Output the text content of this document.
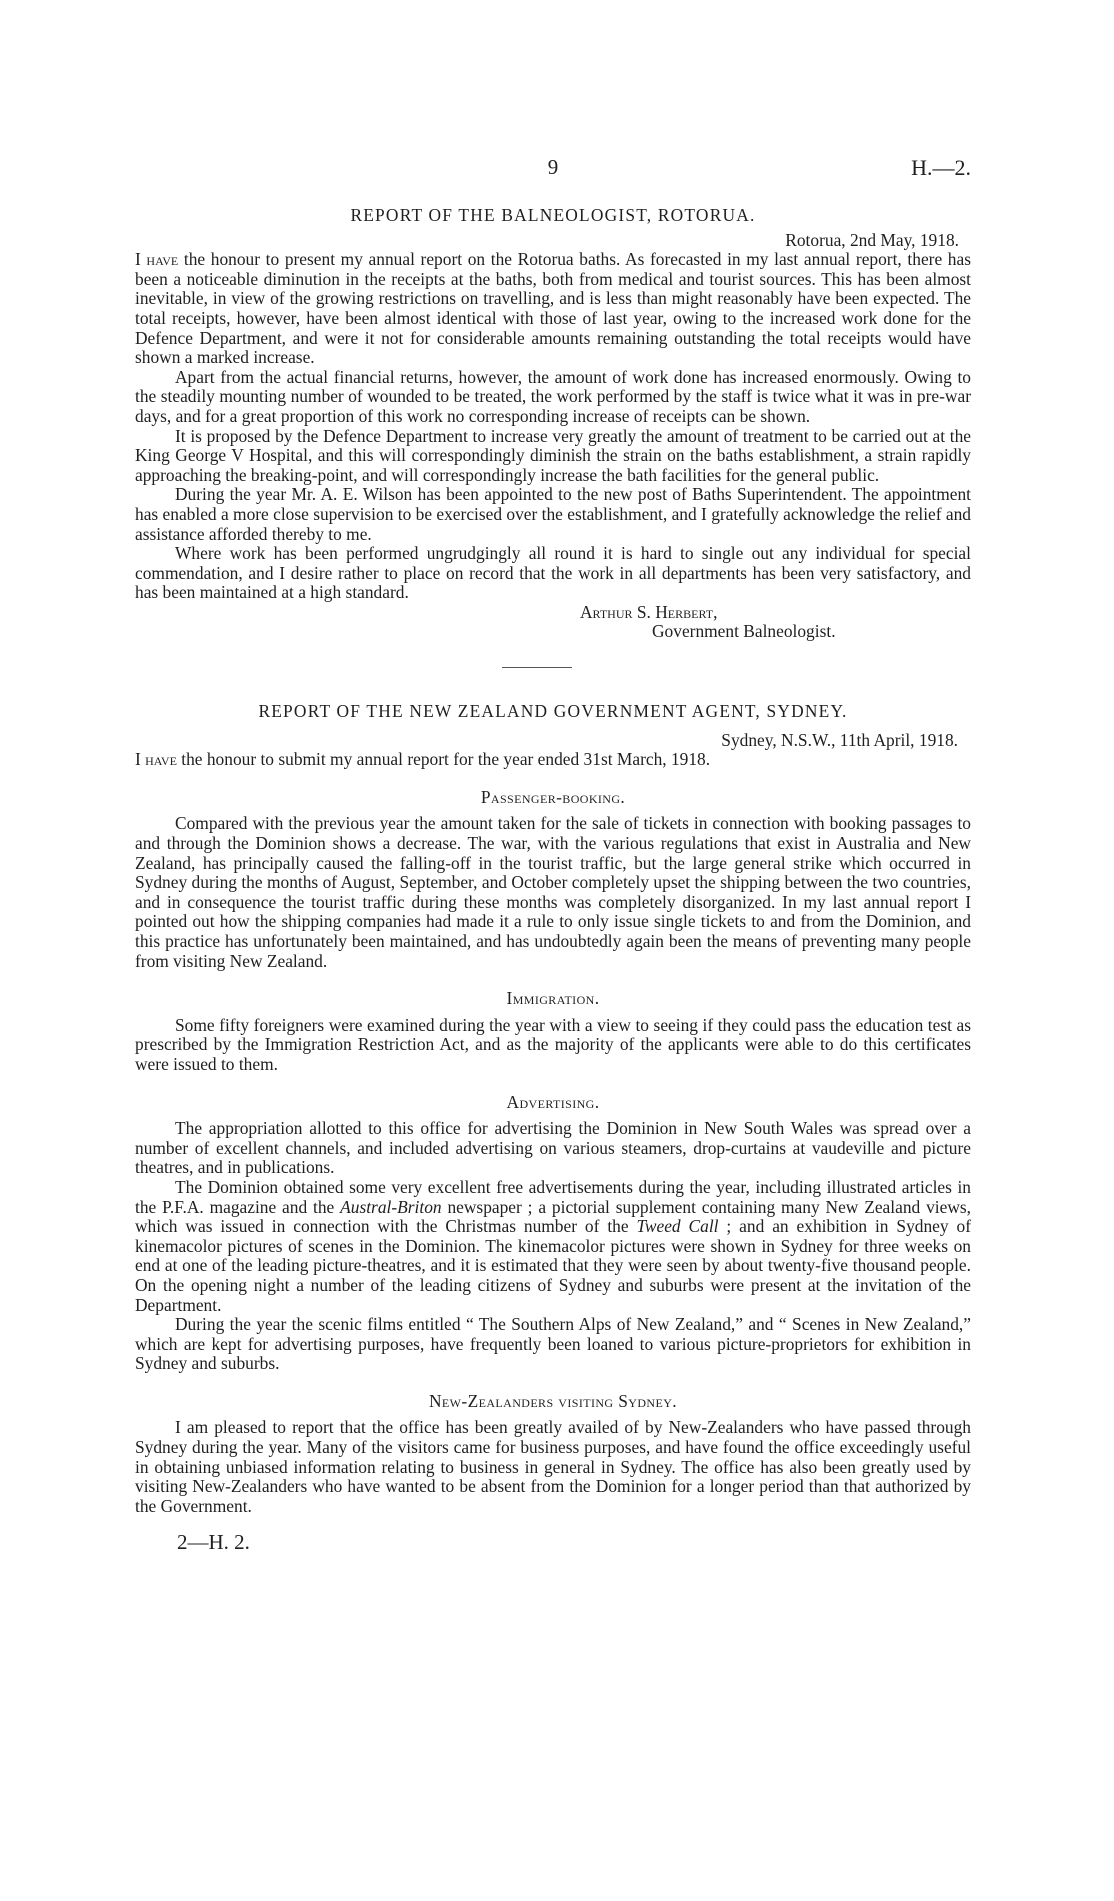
9	H.—2.
REPORT OF THE BALNEOLOGIST, ROTORUA.
Rotorua, 2nd May, 1918.

I have the honour to present my annual report on the Rotorua baths. As forecasted in my last annual report, there has been a noticeable diminution in the receipts at the baths, both from medical and tourist sources. This has been almost inevitable, in view of the growing restrictions on travelling, and is less than might reasonably have been expected. The total receipts, however, have been almost identical with those of last year, owing to the increased work done for the Defence Department, and were it not for considerable amounts remaining outstanding the total receipts would have shown a marked increase.

Apart from the actual financial returns, however, the amount of work done has increased enormously. Owing to the steadily mounting number of wounded to be treated, the work performed by the staff is twice what it was in pre-war days, and for a great proportion of this work no corresponding increase of receipts can be shown.

It is proposed by the Defence Department to increase very greatly the amount of treatment to be carried out at the King George V Hospital, and this will correspondingly diminish the strain on the baths establishment, a strain rapidly approaching the breaking-point, and will correspondingly increase the bath facilities for the general public.

During the year Mr. A. E. Wilson has been appointed to the new post of Baths Superintendent. The appointment has enabled a more close supervision to be exercised over the establishment, and I gratefully acknowledge the relief and assistance afforded thereby to me.

Where work has been performed ungrudgingly all round it is hard to single out any individual for special commendation, and I desire rather to place on record that the work in all departments has been very satisfactory, and has been maintained at a high standard.

Arthur S. Herbert,
Government Balneologist.
REPORT OF THE NEW ZEALAND GOVERNMENT AGENT, SYDNEY.
Sydney, N.S.W., 11th April, 1918.

I have the honour to submit my annual report for the year ended 31st March, 1918.

Passenger-booking.

Compared with the previous year the amount taken for the sale of tickets in connection with booking passages to and through the Dominion shows a decrease. The war, with the various regulations that exist in Australia and New Zealand, has principally caused the falling-off in the tourist traffic, but the large general strike which occurred in Sydney during the months of August, September, and October completely upset the shipping between the two countries, and in consequence the tourist traffic during these months was completely disorganized. In my last annual report I pointed out how the shipping companies had made it a rule to only issue single tickets to and from the Dominion, and this practice has unfortunately been maintained, and has undoubtedly again been the means of preventing many people from visiting New Zealand.

Immigration.

Some fifty foreigners were examined during the year with a view to seeing if they could pass the education test as prescribed by the Immigration Restriction Act, and as the majority of the applicants were able to do this certificates were issued to them.

Advertising.

The appropriation allotted to this office for advertising the Dominion in New South Wales was spread over a number of excellent channels, and included advertising on various steamers, drop-curtains at vaudeville and picture theatres, and in publications.

The Dominion obtained some very excellent free advertisements during the year, including illustrated articles in the P.F.A. magazine and the Austral-Briton newspaper ; a pictorial supplement containing many New Zealand views, which was issued in connection with the Christmas number of the Tweed Call ; and an exhibition in Sydney of kinemacolor pictures of scenes in the Dominion. The kinemacolor pictures were shown in Sydney for three weeks on end at one of the leading picture-theatres, and it is estimated that they were seen by about twenty-five thousand people. On the opening night a number of the leading citizens of Sydney and suburbs were present at the invitation of the Department.

During the year the scenic films entitled “ The Southern Alps of New Zealand,” and “ Scenes in New Zealand,” which are kept for advertising purposes, have frequently been loaned to various picture-proprietors for exhibition in Sydney and suburbs.

New-Zealanders visiting Sydney.

I am pleased to report that the office has been greatly availed of by New-Zealanders who have passed through Sydney during the year. Many of the visitors came for business purposes, and have found the office exceedingly useful in obtaining unbiased information relating to business in general in Sydney. The office has also been greatly used by visiting New-Zealanders who have wanted to be absent from the Dominion for a longer period than that authorized by the Government.

2—H. 2.
